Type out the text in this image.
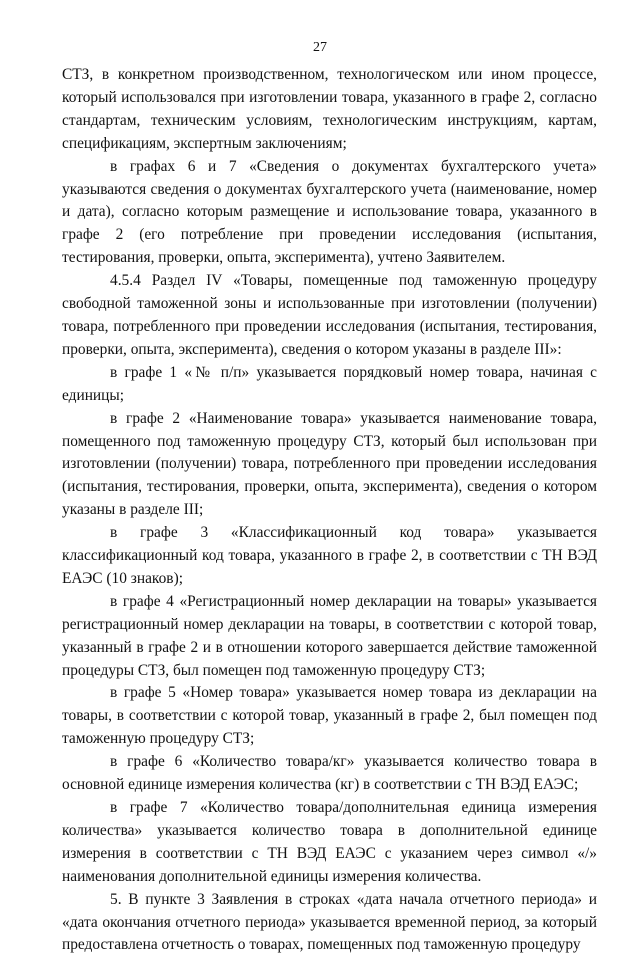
27

СТЗ, в конкретном производственном, технологическом или ином процессе, который использовался при изготовлении товара, указанного в графе 2, согласно стандартам, техническим условиям, технологическим инструкциям, картам, спецификациям, экспертным заключениям;

в графах 6 и 7 «Сведения о документах бухгалтерского учета» указываются сведения о документах бухгалтерского учета (наименование, номер и дата), согласно которым размещение и использование товара, указанного в графе 2 (его потребление при проведении исследования (испытания, тестирования, проверки, опыта, эксперимента), учтено Заявителем.

4.5.4 Раздел IV «Товары, помещенные под таможенную процедуру свободной таможенной зоны и использованные при изготовлении (получении) товара, потребленного при проведении исследования (испытания, тестирования, проверки, опыта, эксперимента), сведения о котором указаны в разделе III»:

в графе 1 «№ п/п» указывается порядковый номер товара, начиная с единицы;

в графе 2 «Наименование товара» указывается наименование товара, помещенного под таможенную процедуру СТЗ, который был использован при изготовлении (получении) товара, потребленного при проведении исследования (испытания, тестирования, проверки, опыта, эксперимента), сведения о котором указаны в разделе III;

в графе 3 «Классификационный код товара» указывается классификационный код товара, указанного в графе 2, в соответствии с ТН ВЭД ЕАЭС (10 знаков);

в графе 4 «Регистрационный номер декларации на товары» указывается регистрационный номер декларации на товары, в соответствии с которой товар, указанный в графе 2 и в отношении которого завершается действие таможенной процедуры СТЗ, был помещен под таможенную процедуру СТЗ;

в графе 5 «Номер товара» указывается номер товара из декларации на товары, в соответствии с которой товар, указанный в графе 2, был помещен под таможенную процедуру СТЗ;

в графе 6 «Количество товара/кг» указывается количество товара в основной единице измерения количества (кг) в соответствии с ТН ВЭД ЕАЭС;

в графе 7 «Количество товара/дополнительная единица измерения количества» указывается количество товара в дополнительной единице измерения в соответствии с ТН ВЭД ЕАЭС с указанием через символ «/» наименования дополнительной единицы измерения количества.

5. В пункте 3 Заявления в строках «дата начала отчетного периода» и «дата окончания отчетного периода» указывается временной период, за который предоставлена отчетность о товарах, помещенных под таможенную процедуру
